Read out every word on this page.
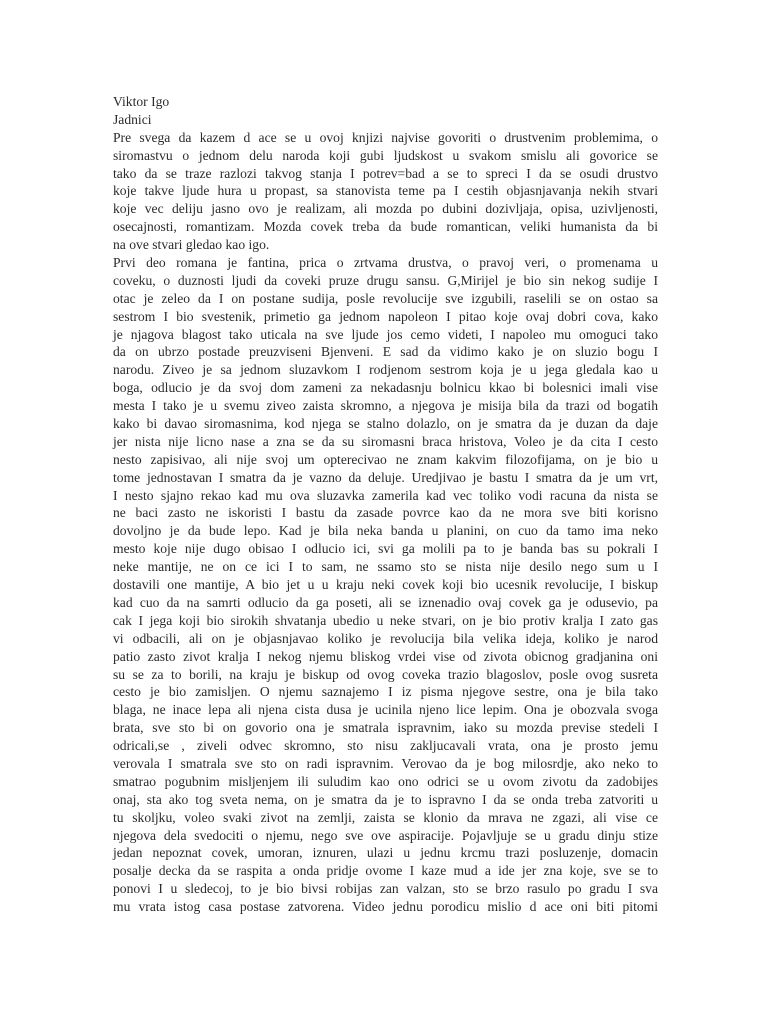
Viktor Igo
Jadnici
Pre svega da kazem d ace se u ovoj knjizi najvise govoriti o drustvenim problemima, o
siromastvu o jednom delu naroda koji gubi ljudskost u svakom smislu ali govorice se
tako da se traze razlozi takvog stanja I potrev=bad a se to spreci I da se osudi drustvo
koje takve ljude hura u propast, sa stanovista teme pa I cestih objasnjavanja nekih stvari
koje vec deliju jasno ovo je realizam, ali mozda po dubini dozivljaja, opisa, uzivljenosti,
osecajnosti, romantizam. Mozda covek treba da bude romantican, veliki humanista da bi
na ove stvari gledao kao igo.
Prvi deo romana je fantina, prica o zrtvama drustva, o pravoj veri, o promenama u
coveku, o duznosti ljudi da coveki pruze drugu sansu. G,Mirijel je bio sin nekog sudije I
otac je zeleo da I on postane sudija, posle revolucije sve izgubili, raselili se on ostao sa
sestrom I bio svestenik, primetio ga jednom napoleon I pitao koje ovaj dobri cova, kako
je njagova blagost tako uticala na sve ljude jos cemo videti, I napoleo mu omoguci tako
da on ubrzo postade preuzviseni Bjenveni. E sad da vidimo kako je on sluzio bogu I
narodu. Ziveo je sa jednom sluzavkom I rodjenom sestrom koja je u jega gledala kao u
boga, odlucio je da svoj dom zameni za nekadasnju bolnicu kkao bi bolesnici imali vise
mesta I tako je u svemu ziveo zaista skromno, a njegova je misija bila da trazi od bogatih
kako bi davao siromasnima, kod njega se stalno dolazlo, on je smatra da je duzan da daje
jer nista nije licno nase a zna se da su siromasni braca hristova, Voleo je da cita I cesto
nesto zapisivao, ali nije svoj um opterecivao ne znam kakvim filozofijama, on je bio u
tome jednostavan I smatra da je vazno da deluje. Uredjivao je bastu I smatra da je um vrt,
I nesto sjajno rekao kad mu ova sluzavka zamerila kad vec toliko vodi racuna da nista se
ne baci zasto ne iskoristi I bastu da zasade povrce kao da ne mora sve biti korisno
dovoljno je da bude lepo. Kad je bila neka banda u planini, on cuo da tamo ima neko
mesto koje nije dugo obisao I odlucio ici, svi ga molili pa to je banda bas su pokrali I
neke mantije, ne on ce ici I to sam, ne ssamo sto se nista nije desilo nego sum u I
dostavili one mantije, A bio jet u u kraju neki covek koji bio ucesnik revolucije, I biskup
kad cuo da na samrti odlucio da ga poseti, ali se iznenadio ovaj covek ga je odusevio, pa
cak I jega koji bio sirokih shvatanja ubedio u neke stvari, on je bio protiv kralja I zato gas
vi odbacili, ali on je objasnjavao koliko je revolucija bila velika ideja, koliko je narod
patio zasto zivot kralja I nekog njemu bliskog vrdei vise od zivota obicnog gradjanina oni
su se za to borili, na kraju je biskup od ovog coveka trazio blagoslov, posle ovog susreta
cesto je bio zamisljen. O njemu saznajemo I iz pisma njegove sestre, ona je bila tako
blaga, ne inace lepa ali njena cista dusa je ucinila njeno lice lepim. Ona je obozvala svoga
brata, sve sto bi on govorio ona je smatrala ispravnim, iako su mozda previse stedeli I
odricali,se , ziveli odvec skromno, sto nisu zakljucavali vrata, ona je prosto jemu
verovala I smatrala sve sto on radi ispravnim. Verovao da je bog milosrdje, ako neko to
smatrao pogubnim misljenjem ili suludim kao ono odrici se u ovom zivotu da zadobijes
onaj, sta ako tog sveta nema, on je smatra da je to ispravno I da se onda treba zatvoriti u
tu skoljku, voleo svaki zivot na zemlji, zaista se klonio da mrava ne zgazi, ali vise ce
njegova dela svedociti o njemu, nego sve ove aspiracije. Pojavljuje se u gradu dinju stize
jedan nepoznat covek, umoran, iznuren, ulazi u jednu krcmu trazi posluzenje, domacin
posalje decka da se raspita a onda pridje ovome I kaze mud a ide jer zna koje, sve se to
ponovi I u sledecoj, to je bio bivsi robijas zan valzan, sto se brzo rasulo po gradu I sva
mu vrata istog casa postase zatvorena. Video jednu porodicu mislio d ace oni biti pitomi
